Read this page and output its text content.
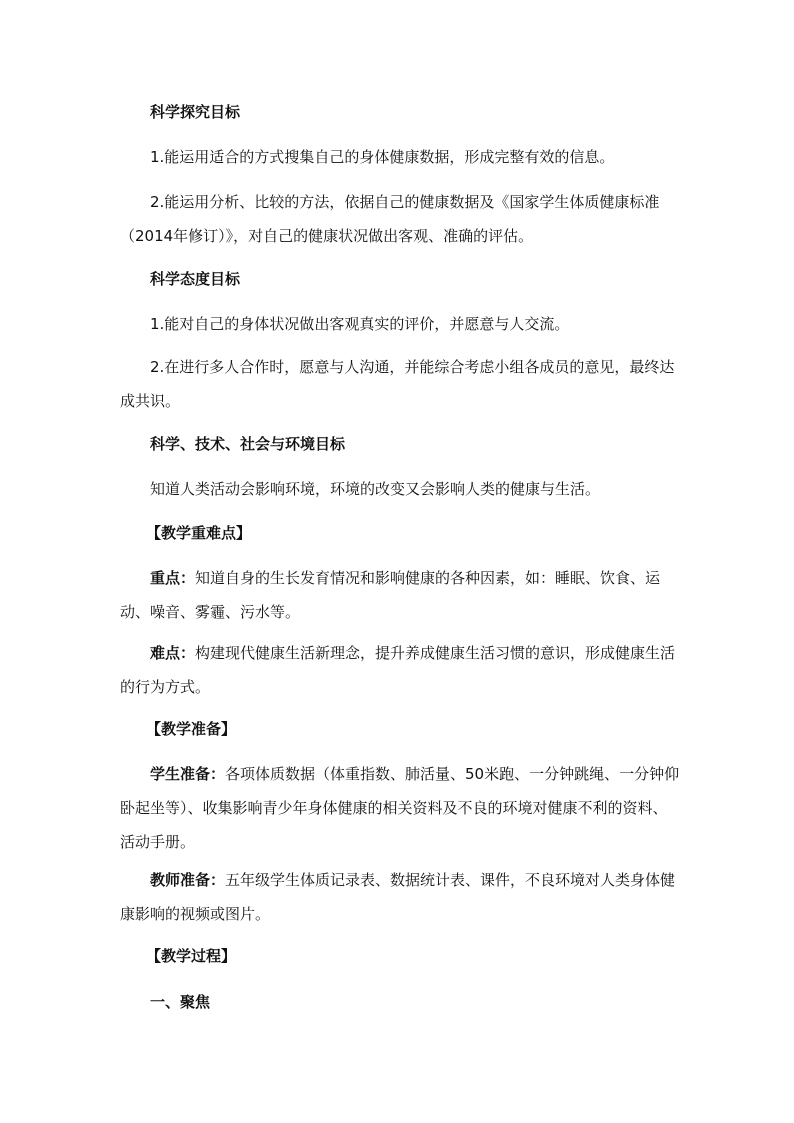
科学探究目标
1.能运用适合的方式搜集自己的身体健康数据，形成完整有效的信息。
2.能运用分析、比较的方法，依据自己的健康数据及《国家学生体质健康标准（2014年修订）》，对自己的健康状况做出客观、准确的评估。
科学态度目标
1.能对自己的身体状况做出客观真实的评价，并愿意与人交流。
2.在进行多人合作时，愿意与人沟通，并能综合考虑小组各成员的意见，最终达成共识。
科学、技术、社会与环境目标
知道人类活动会影响环境，环境的改变又会影响人类的健康与生活。
【教学重难点】
重点：知道自身的生长发育情况和影响健康的各种因素，如：睡眠、饮食、运动、噪音、雾霾、污水等。
难点：构建现代健康生活新理念，提升养成健康生活习惯的意识，形成健康生活的行为方式。
【教学准备】
学生准备：各项体质数据（体重指数、肺活量、50米跑、一分钟跳绳、一分钟仰卧起坐等）、收集影响青少年身体健康的相关资料及不良的环境对健康不利的资料、活动手册。
教师准备：五年级学生体质记录表、数据统计表、课件，不良环境对人类身体健康影响的视频或图片。
【教学过程】
一、聚焦
